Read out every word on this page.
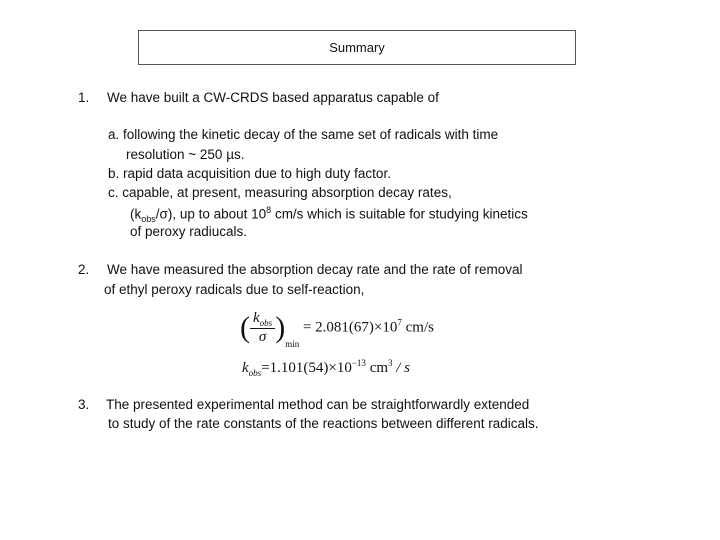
Summary
1. We have built a CW-CRDS based apparatus capable of
a. following the kinetic decay of the same set of radicals with time
resolution ~ 250 µs.
b. rapid data acquisition due to high duty factor.
c. capable, at present, measuring absorption decay rates,
$(k_{obs}/\sigma)$, up to about $10^8$ cm/s which is suitable for studying kinetics
of peroxy radiucals.
2. We have measured the absorption decay rate and the rate of removal
of ethyl peroxy radicals due to self-reaction,
( $\frac{k_{obs}}{\sigma} )_{min} = 2.081(67)\times 10^7$ cm/s
$k_{obs}=1.101(54)\times 10^{-13}$ $cm^3$ / s
3. The presented experimental method can be straightforwardly extended
to study of the rate constants of the reactions between different radicals.
